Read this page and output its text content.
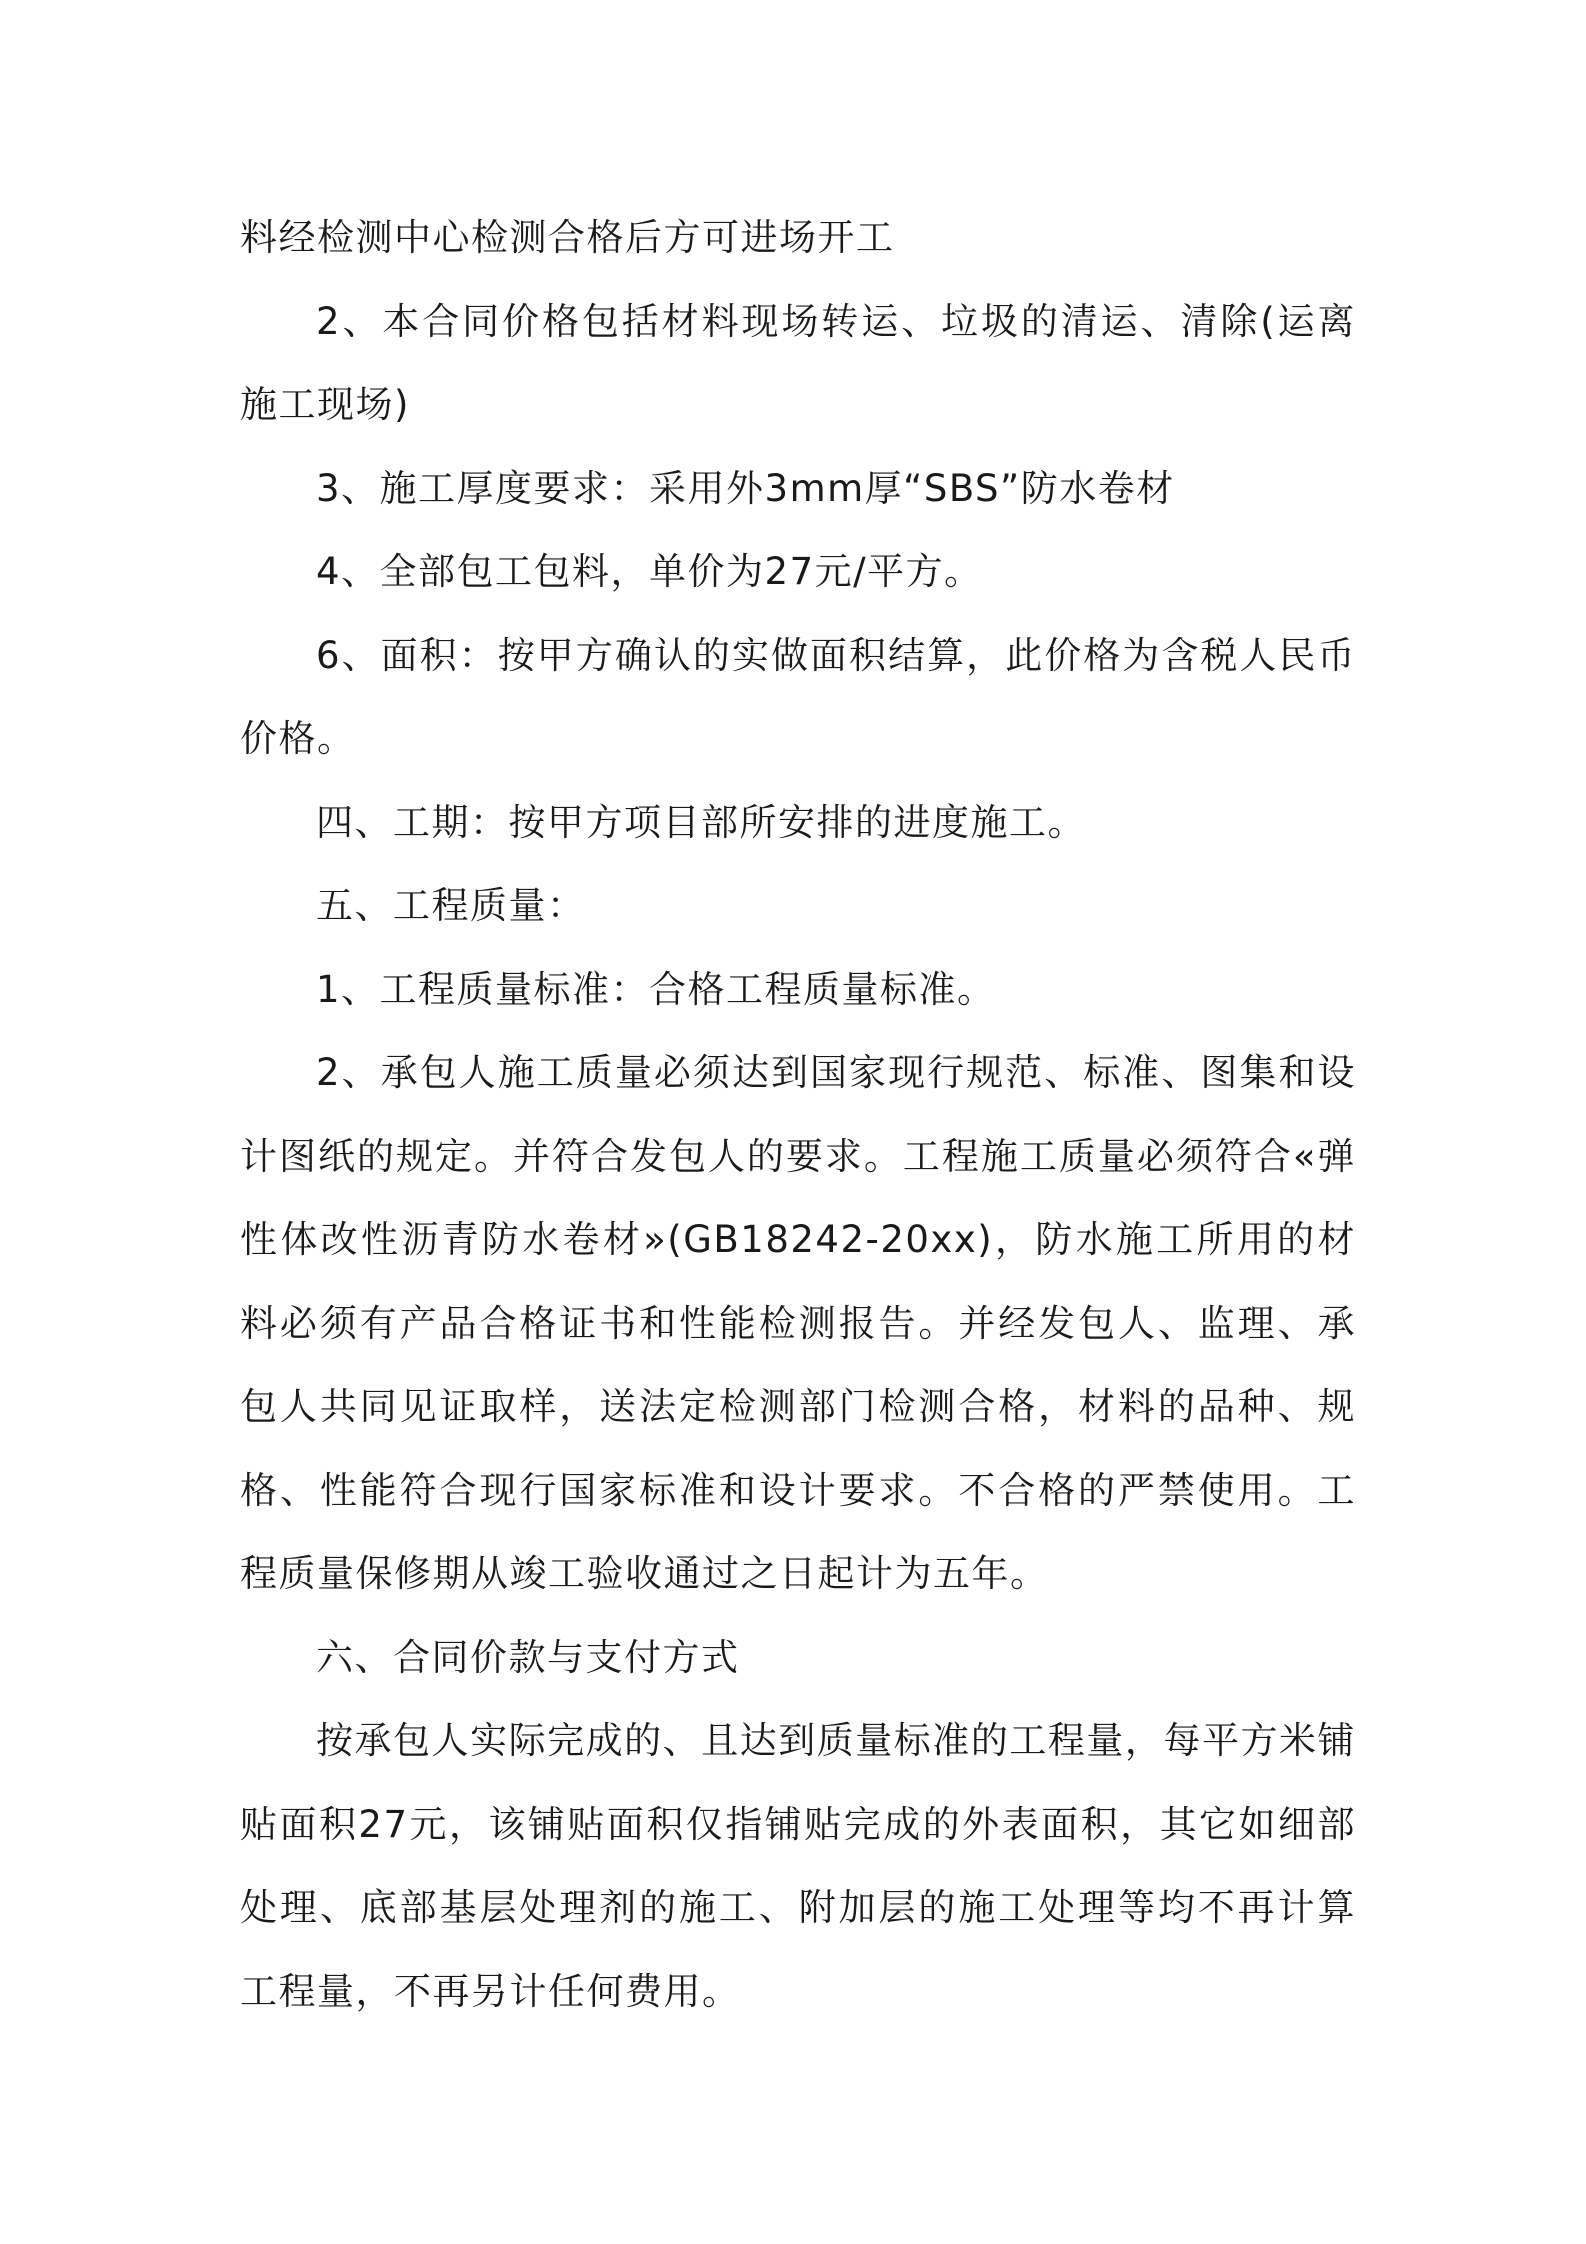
料经检测中心检测合格后方可进场开工

2、本合同价格包括材料现场转运、垃圾的清运、清除(运离施工现场)

3、施工厚度要求：采用外3mm厚“SBS”防水卷材

4、全部包工包料，单价为27元/平方。

6、面积：按甲方确认的实做面积结算，此价格为含税人民币价格。

四、工期：按甲方项目部所安排的进度施工。

五、工程质量：

1、工程质量标准：合格工程质量标准。

2、承包人施工质量必须达到国家现行规范、标准、图集和设计图纸的规定。并符合发包人的要求。工程施工质量必须符合«弹性体改性沥青防水卷材»(GB18242-20xx)，防水施工所用的材料必须有产品合格证书和性能检测报告。并经发包人、监理、承包人共同见证取样，送法定检测部门检测合格，材料的品种、规格、性能符合现行国家标准和设计要求。不合格的严禁使用。工程质量保修期从竣工验收通过之日起计为五年。

六、合同价款与支付方式

按承包人实际完成的、且达到质量标准的工程量，每平方米铺贴面积27元，该铺贴面积仅指铺贴完成的外表面积，其它如细部处理、底部基层处理剂的施工、附加层的施工处理等均不再计算工程量，不再另计任何费用。
